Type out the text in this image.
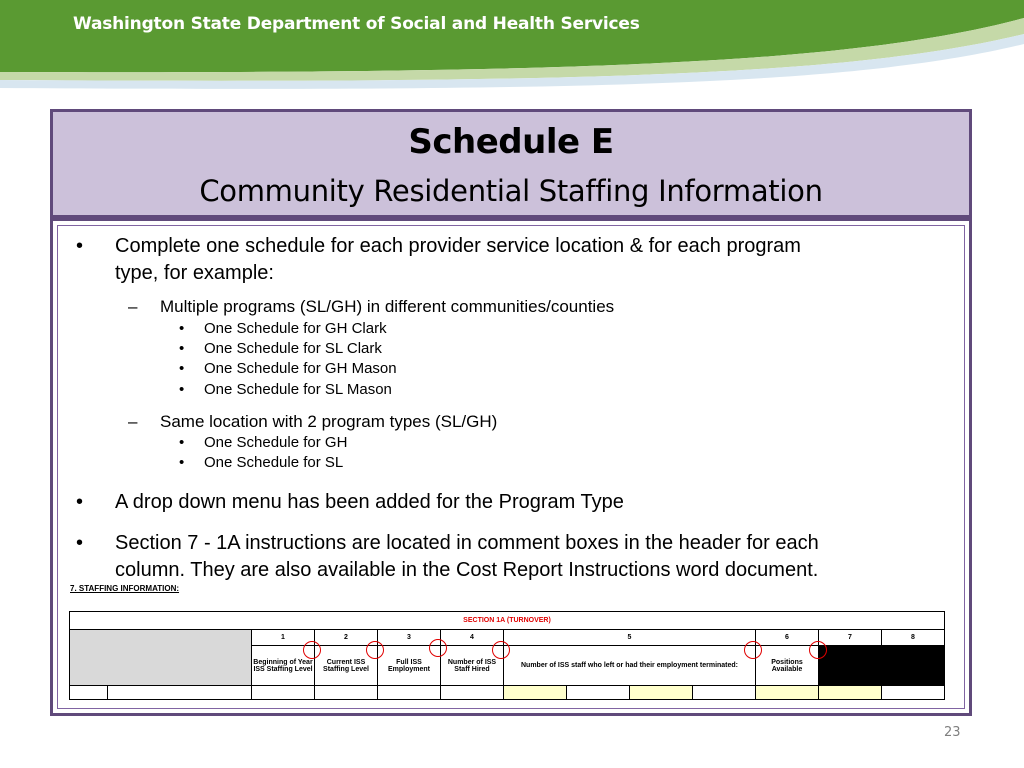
Washington State Department of Social and Health Services
Schedule E
Community Residential Staffing Information
• Complete one schedule for each provider service location & for each program
type, for example:
– Multiple programs (SL/GH) in different communities/counties
• One Schedule for GH Clark
• One Schedule for SL Clark
• One Schedule for GH Mason
• One Schedule for SL Mason
– Same location with 2 program types (SL/GH)
• One Schedule for GH
• One Schedule for SL
• A drop down menu has been added for the Program Type
• Section 7 - 1A instructions are located in comment boxes in the header for each
column. They are also available in the Cost Report Instructions word document.
7. STAFFING INFORMATION:
SECTION 1A (TURNOVER)												
		1	2	3	4	5				6	7	8
		Beginning of Year ISS Staffing Level	Current ISS Staffing Level	Full ISS Employment	Number of ISS Staff Hired	Number of ISS staff who left or had their employment terminated:				Positions Available		

23
